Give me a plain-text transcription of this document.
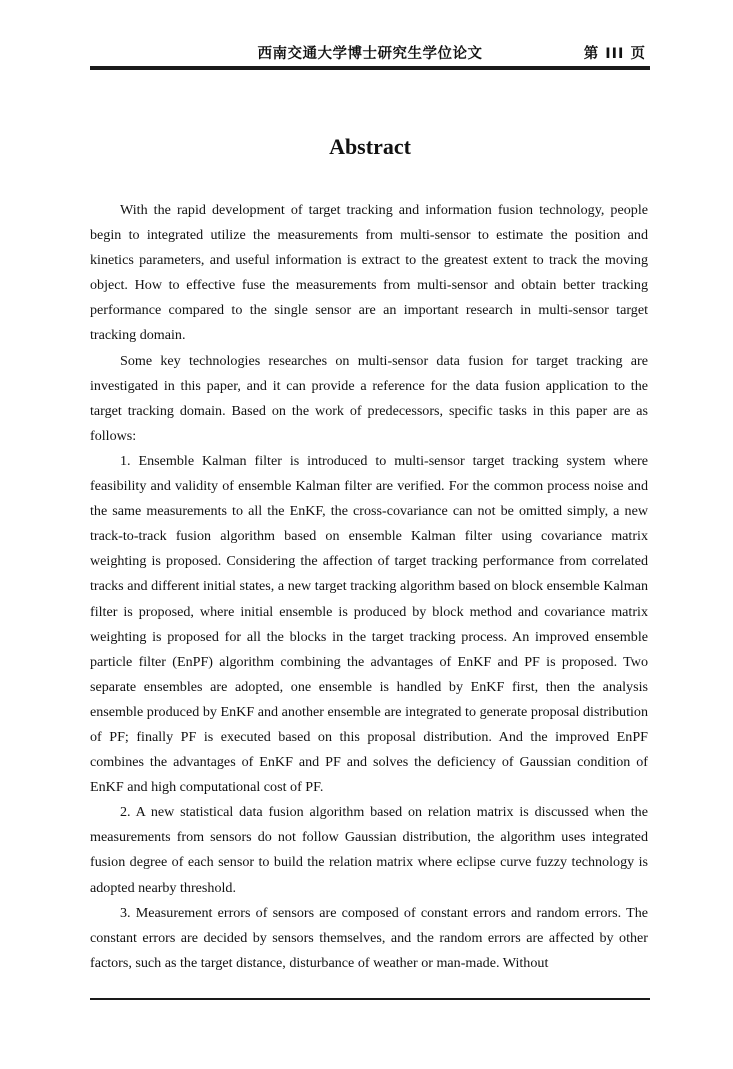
西南交通大学博士研究生学位论文	第 III 页
Abstract

With the rapid development of target tracking and information fusion technology, people begin to integrated utilize the measurements from multi-sensor to estimate the position and kinetics parameters, and useful information is extract to the greatest extent to track the moving object. How to effective fuse the measurements from multi-sensor and obtain better tracking performance compared to the single sensor are an important research in multi-sensor target tracking domain.

Some key technologies researches on multi-sensor data fusion for target tracking are investigated in this paper, and it can provide a reference for the data fusion application to the target tracking domain. Based on the work of predecessors, specific tasks in this paper are as follows:

1. Ensemble Kalman filter is introduced to multi-sensor target tracking system where feasibility and validity of ensemble Kalman filter are verified. For the common process noise and the same measurements to all the EnKF, the cross-covariance can not be omitted simply, a new track-to-track fusion algorithm based on ensemble Kalman filter using covariance matrix weighting is proposed. Considering the affection of target tracking performance from correlated tracks and different initial states, a new target tracking algorithm based on block ensemble Kalman filter is proposed, where initial ensemble is produced by block method and covariance matrix weighting is proposed for all the blocks in the target tracking process. An improved ensemble particle filter (EnPF) algorithm combining the advantages of EnKF and PF is proposed. Two separate ensembles are adopted, one ensemble is handled by EnKF first, then the analysis ensemble produced by EnKF and another ensemble are integrated to generate proposal distribution of PF; finally PF is executed based on this proposal distribution. And the improved EnPF combines the advantages of EnKF and PF and solves the deficiency of Gaussian condition of EnKF and high computational cost of PF.

2. A new statistical data fusion algorithm based on relation matrix is discussed when the measurements from sensors do not follow Gaussian distribution, the algorithm uses integrated fusion degree of each sensor to build the relation matrix where eclipse curve fuzzy technology is adopted nearby threshold.

3. Measurement errors of sensors are composed of constant errors and random errors. The constant errors are decided by sensors themselves, and the random errors are affected by other factors, such as the target distance, disturbance of weather or man-made. Without
